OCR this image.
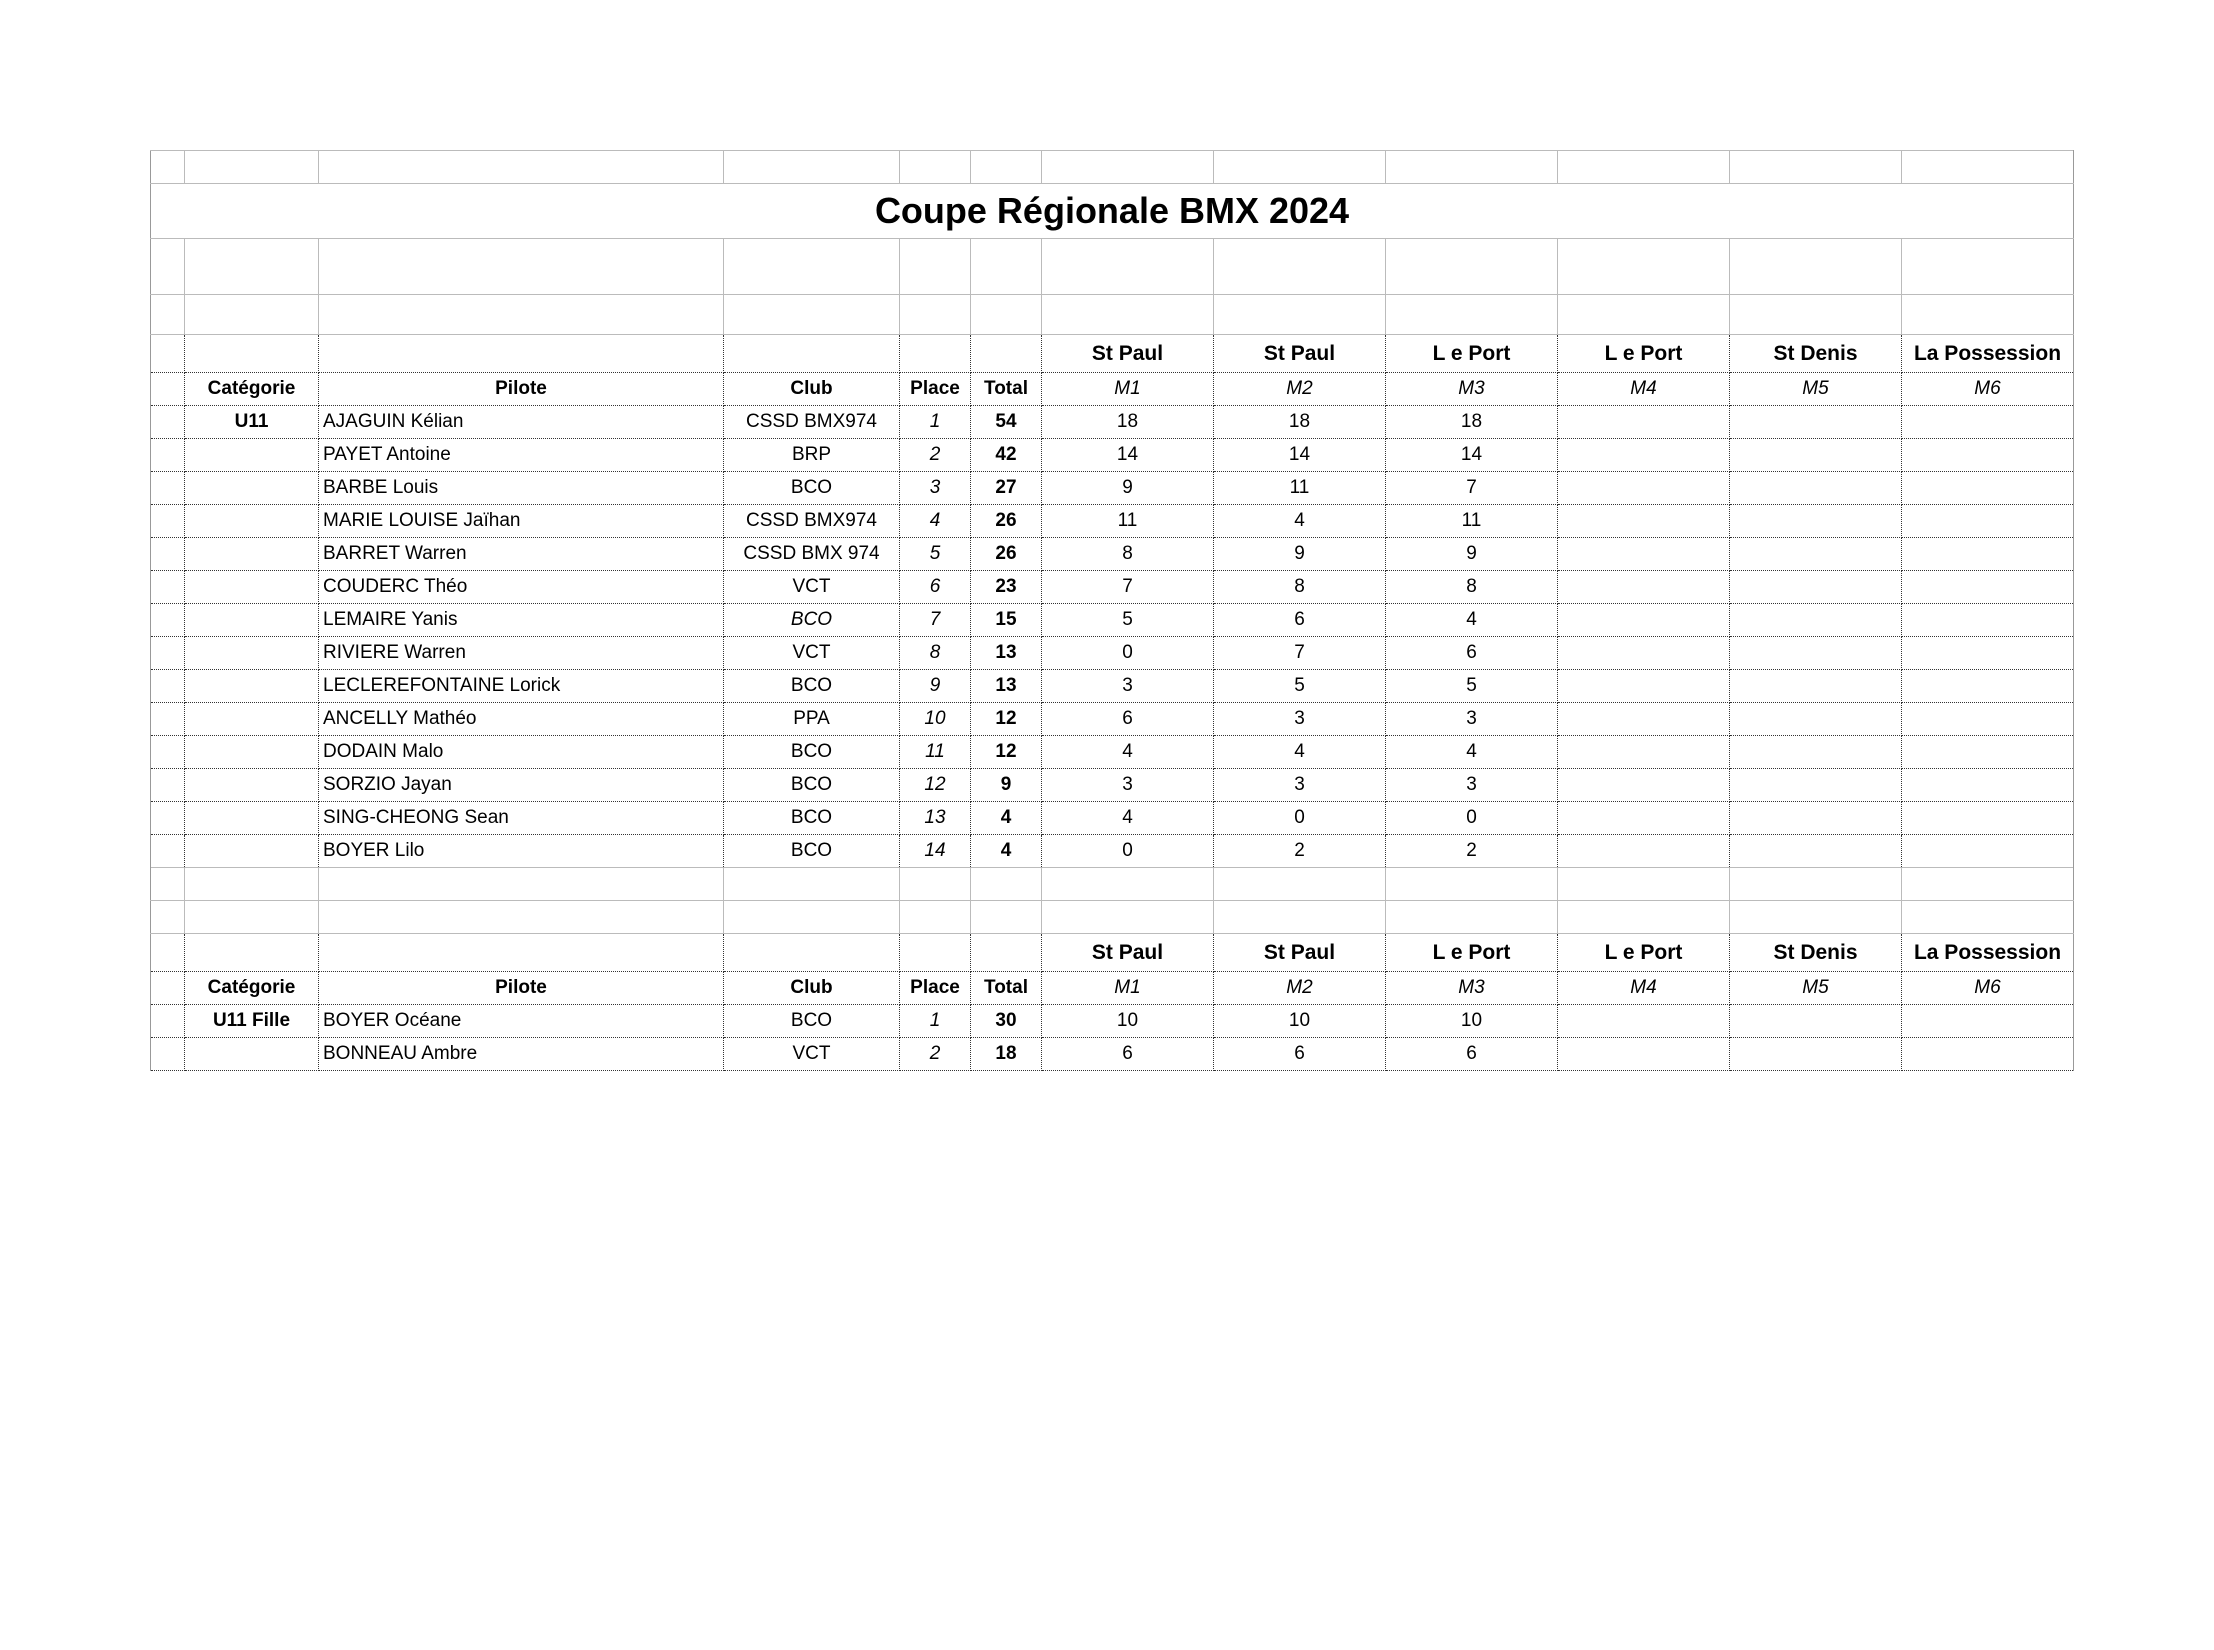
Coupe Régionale BMX 2024											

						St Paul	St Paul	L e Port	L e Port	St Denis	La Possession
	Catégorie	Pilote	Club	Place	Total	M1	M2	M3	M4	M5	M6
	U11	AJAGUIN Kélian	CSSD BMX974	1	54	18	18	18			
		PAYET Antoine	BRP	2	42	14	14	14			
		BARBE Louis	BCO	3	27	9	11	7			
		MARIE LOUISE Jaïhan	CSSD BMX974	4	26	11	4	11			
		BARRET Warren	CSSD BMX 974	5	26	8	9	9			
		COUDERC Théo	VCT	6	23	7	8	8			
		LEMAIRE Yanis	BCO	7	15	5	6	4			
		RIVIERE Warren	VCT	8	13	0	7	6			
		LECLEREFONTAINE Lorick	BCO	9	13	3	5	5			
		ANCELLY Mathéo	PPA	10	12	6	3	3			
		DODAIN Malo	BCO	11	12	4	4	4			
		SORZIO Jayan	BCO	12	9	3	3	3			
		SING-CHEONG Sean	BCO	13	4	4	0	0			
		BOYER Lilo	BCO	14	4	0	2	2			

						St Paul	St Paul	L e Port	L e Port	St Denis	La Possession
	Catégorie	Pilote	Club	Place	Total	M1	M2	M3	M4	M5	M6
	U11 Fille	BOYER Océane	BCO	1	30	10	10	10			
		BONNEAU Ambre	VCT	2	18	6	6	6			
